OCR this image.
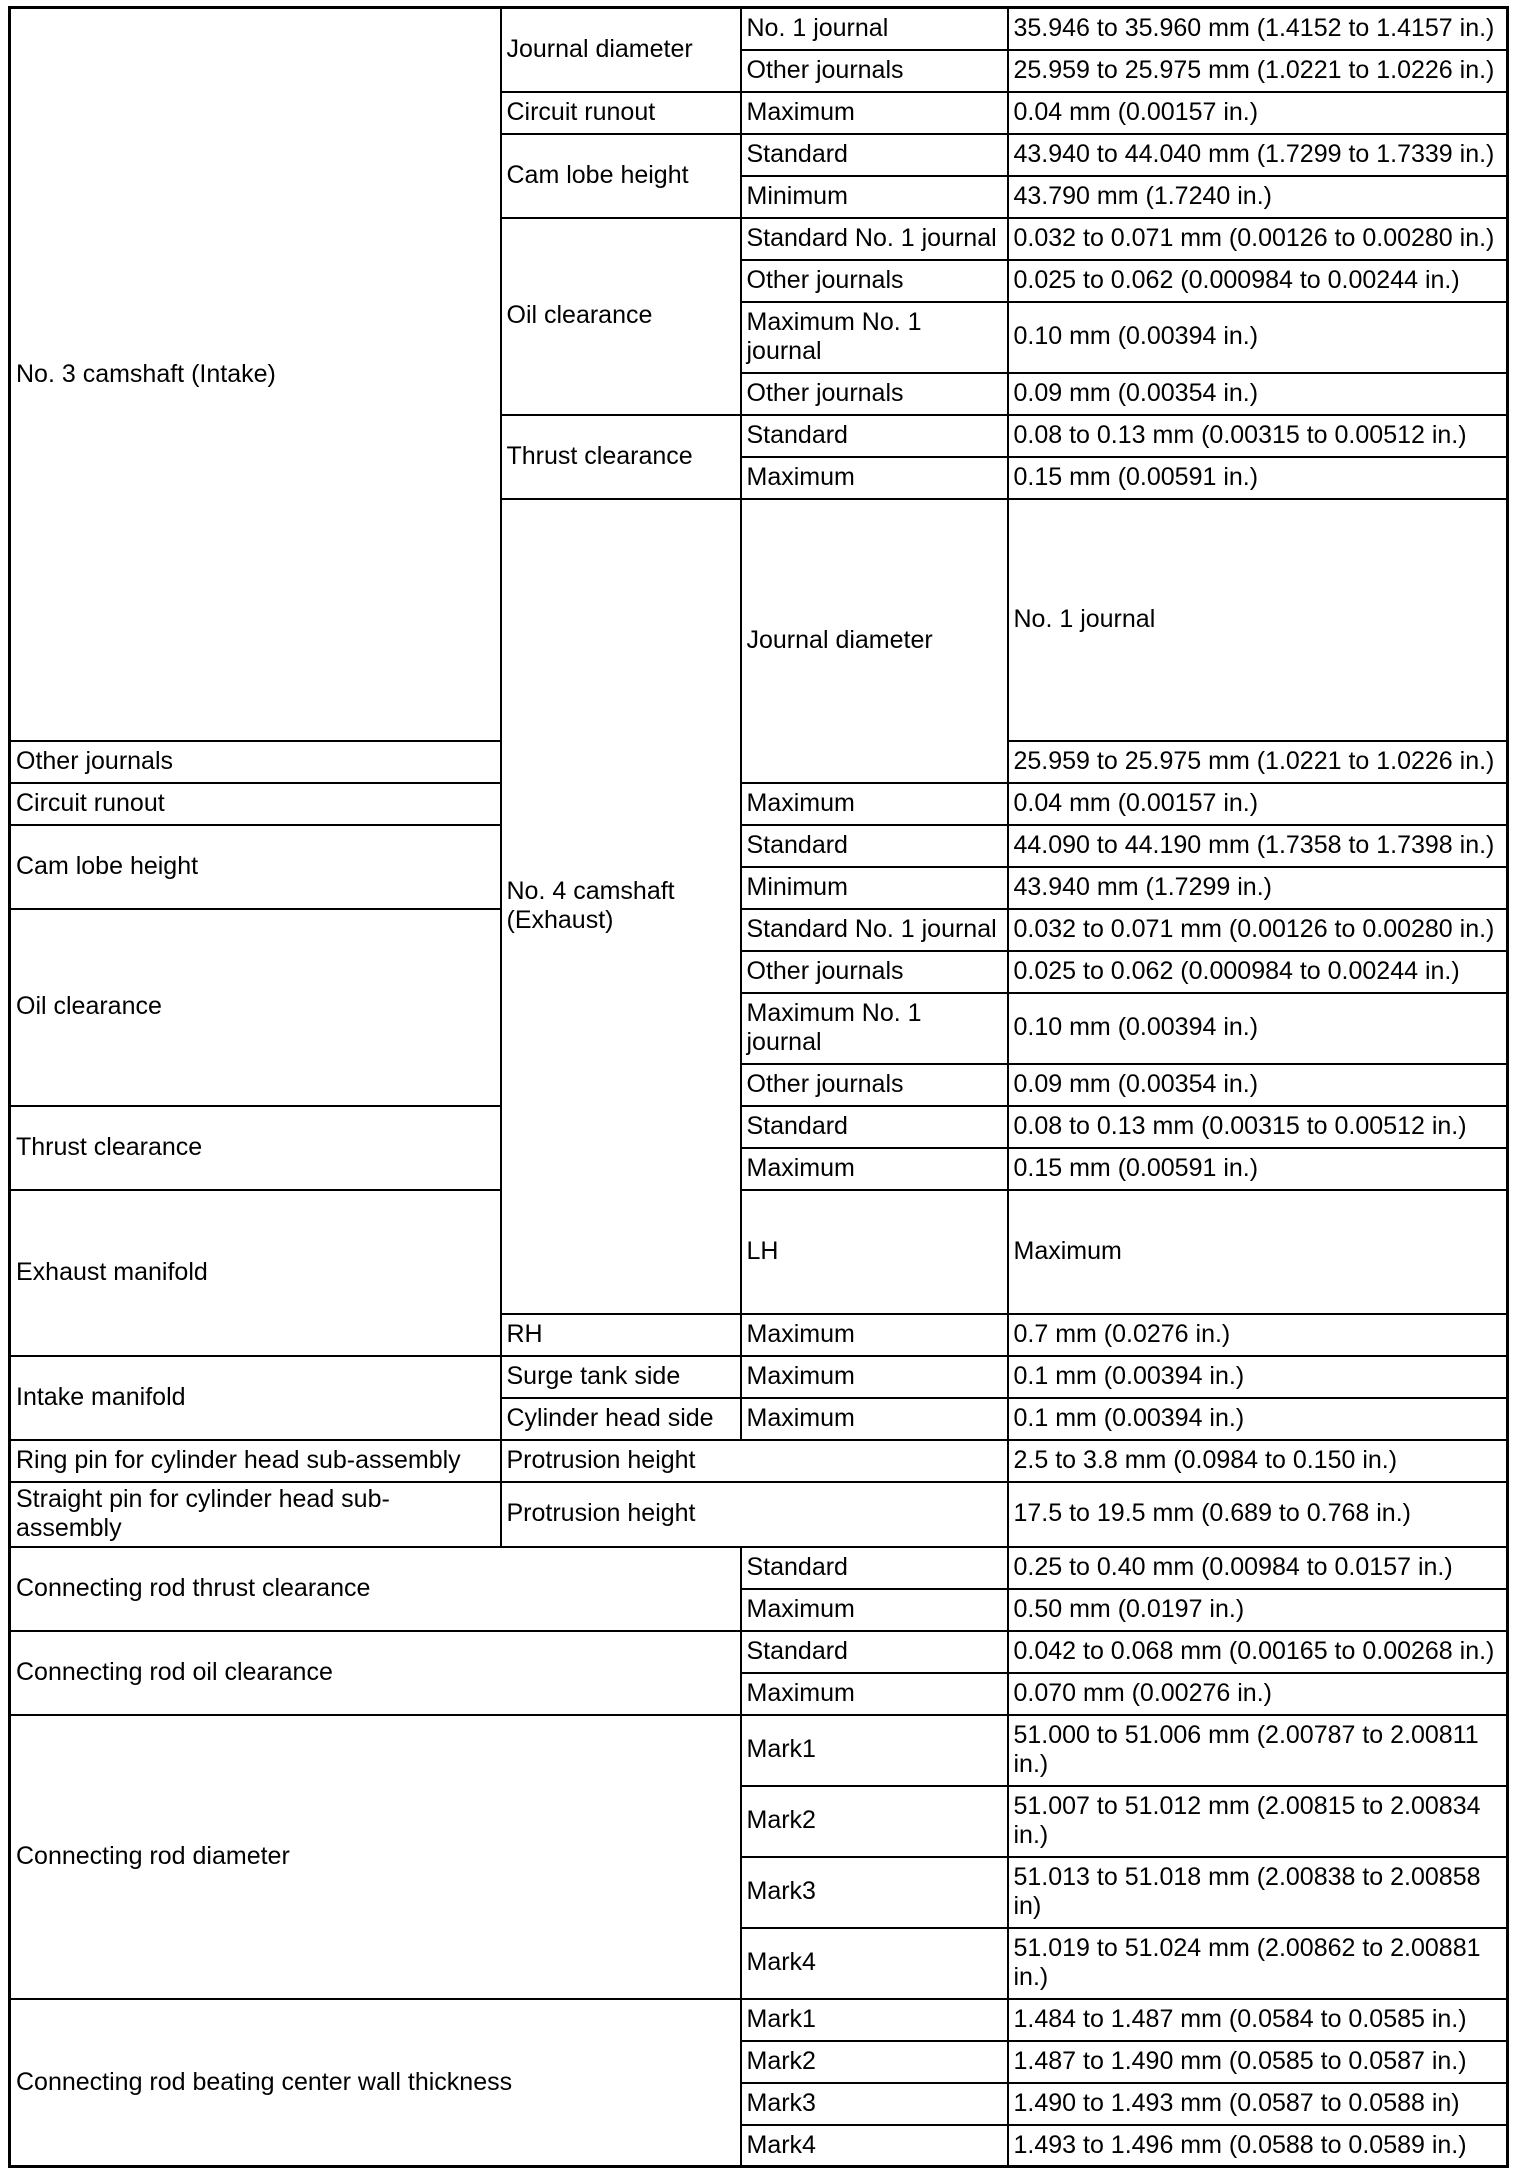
No. 3 camshaft (Intake)	Journal diameter	No. 1 journal	35.946 to 35.960 mm (1.4152 to 1.4157 in.)	
		Other journals	25.959 to 25.975 mm (1.0221 to 1.0226 in.)	
	Circuit runout	Maximum	0.04 mm (0.00157 in.)	
	Cam lobe height	Standard	43.940 to 44.040 mm (1.7299 to 1.7339 in.)	
		Minimum	43.790 mm (1.7240 in.)	
	Oil clearance	Standard No. 1 journal	0.032 to 0.071 mm (0.00126 to 0.00280 in.)	
		Other journals	0.025 to 0.062 (0.000984 to 0.00244 in.)	
		Maximum No. 1 journal	0.10 mm (0.00394 in.)	
		Other journals	0.09 mm (0.00354 in.)	
	Thrust clearance	Standard	0.08 to 0.13 mm (0.00315 to 0.00512 in.)	
		Maximum	0.15 mm (0.00591 in.)	
	No. 4 camshaft (Exhaust)	Journal diameter	No. 1 journal	
Other journals			25.959 to 25.975 mm (1.0221 to 1.0226 in.)	
Circuit runout		Maximum	0.04 mm (0.00157 in.)	
Cam lobe height		Standard	44.090 to 44.190 mm (1.7358 to 1.7398 in.)	
		Minimum	43.940 mm (1.7299 in.)	
Oil clearance		Standard No. 1 journal	0.032 to 0.071 mm (0.00126 to 0.00280 in.)	
		Other journals	0.025 to 0.062 (0.000984 to 0.00244 in.)	
		Maximum No. 1 journal	0.10 mm (0.00394 in.)	
		Other journals	0.09 mm (0.00354 in.)	
Thrust clearance		Standard	0.08 to 0.13 mm (0.00315 to 0.00512 in.)	
		Maximum	0.15 mm (0.00591 in.)	
Exhaust manifold		LH	Maximum	
	RH	Maximum	0.7 mm (0.0276 in.)	
Intake manifold	Surge tank side	Maximum	0.1 mm (0.00394 in.)	
	Cylinder head side	Maximum	0.1 mm (0.00394 in.)	
Ring pin for cylinder head sub-assembly	Protrusion height		2.5 to 3.8 mm (0.0984 to 0.150 in.)	
Straight pin for cylinder head sub-assembly	Protrusion height		17.5 to 19.5 mm (0.689 to 0.768 in.)	
Connecting rod thrust clearance		Standard	0.25 to 0.40 mm (0.00984 to 0.0157 in.)	
		Maximum	0.50 mm (0.0197 in.)	
Connecting rod oil clearance		Standard	0.042 to 0.068 mm (0.00165 to 0.00268 in.)	
		Maximum	0.070 mm (0.00276 in.)	
Connecting rod diameter		Mark1	51.000 to 51.006 mm (2.00787 to 2.00811 in.)	
		Mark2	51.007 to 51.012 mm (2.00815 to 2.00834 in.)	
		Mark3	51.013 to 51.018 mm (2.00838 to 2.00858 in)	
		Mark4	51.019 to 51.024 mm (2.00862 to 2.00881 in.)	
Connecting rod beating center wall thickness		Mark1	1.484 to 1.487 mm (0.0584 to 0.0585 in.)	
		Mark2	1.487 to 1.490 mm (0.0585 to 0.0587 in.)	
		Mark3	1.490 to 1.493 mm (0.0587 to 0.0588 in)	
		Mark4	1.493 to 1.496 mm (0.0588 to 0.0589 in.)	
